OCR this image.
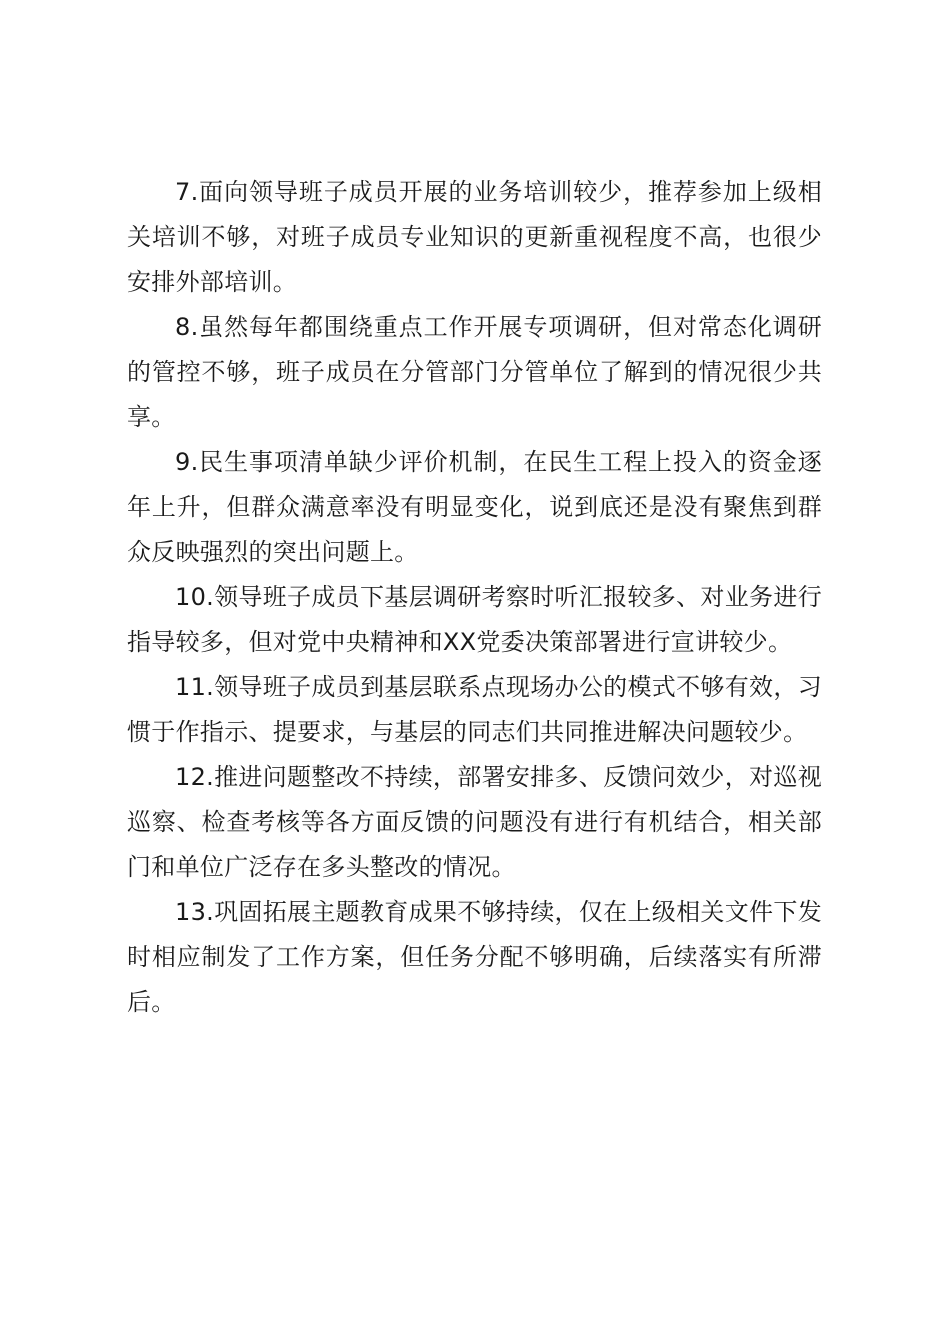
7.面向领导班子成员开展的业务培训较少，推荐参加上级相关培训不够，对班子成员专业知识的更新重视程度不高，也很少安排外部培训。

8.虽然每年都围绕重点工作开展专项调研，但对常态化调研的管控不够，班子成员在分管部门分管单位了解到的情况很少共享。

9.民生事项清单缺少评价机制，在民生工程上投入的资金逐年上升，但群众满意率没有明显变化，说到底还是没有聚焦到群众反映强烈的突出问题上。

10.领导班子成员下基层调研考察时听汇报较多、对业务进行指导较多，但对党中央精神和XX党委决策部署进行宣讲较少。

11.领导班子成员到基层联系点现场办公的模式不够有效，习惯于作指示、提要求，与基层的同志们共同推进解决问题较少。

12.推进问题整改不持续，部署安排多、反馈问效少，对巡视巡察、检查考核等各方面反馈的问题没有进行有机结合，相关部门和单位广泛存在多头整改的情况。

13.巩固拓展主题教育成果不够持续，仅在上级相关文件下发时相应制发了工作方案，但任务分配不够明确，后续落实有所滞后。
